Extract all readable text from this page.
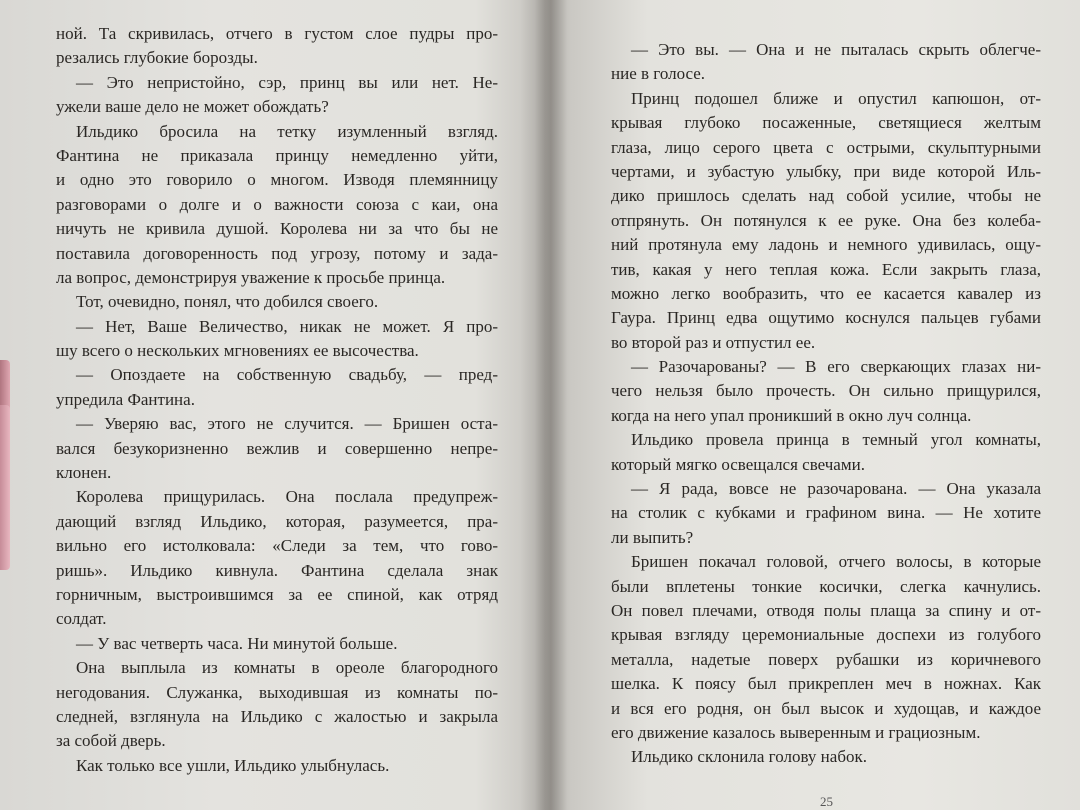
ной. Та скривилась, отчего в густом слое пудры про-
резались глубокие борозды.
— Это непристойно, сэр, принц вы или нет. Не-
ужели ваше дело не может обождать?
Ильдико бросила на тетку изумленный взгляд.
Фантина не приказала принцу немедленно уйти,
и одно это говорило о многом. Изводя племянницу
разговорами о долге и о важности союза с каи, она
ничуть не кривила душой. Королева ни за что бы не
поставила договоренность под угрозу, потому и зада-
ла вопрос, демонстрируя уважение к просьбе принца.
Тот, очевидно, понял, что добился своего.
— Нет, Ваше Величество, никак не может. Я про-
шу всего о нескольких мгновениях ее высочества.
— Опоздаете на собственную свадьбу, — пред-
упредила Фантина.
— Уверяю вас, этого не случится. — Бришен оста-
вался безукоризненно вежлив и совершенно непре-
клонен.
Королева прищурилась. Она послала предупреж-
дающий взгляд Ильдико, которая, разумеется, пра-
вильно его истолковала: «Следи за тем, что гово-
ришь». Ильдико кивнула. Фантина сделала знак
горничным, выстроившимся за ее спиной, как отряд
солдат.
— У вас четверть часа. Ни минутой больше.
Она выплыла из комнаты в ореоле благородного
негодования. Служанка, выходившая из комнаты по-
следней, взглянула на Ильдико с жалостью и закрыла
за собой дверь.
Как только все ушли, Ильдико улыбнулась.
— Это вы. — Она и не пыталась скрыть облегче-
ние в голосе.
Принц подошел ближе и опустил капюшон, от-
крывая глубоко посаженные, светящиеся желтым
глаза, лицо серого цвета с острыми, скульптурными
чертами, и зубастую улыбку, при виде которой Иль-
дико пришлось сделать над собой усилие, чтобы не
отпрянуть. Он потянулся к ее руке. Она без колеба-
ний протянула ему ладонь и немного удивилась, ощу-
тив, какая у него теплая кожа. Если закрыть глаза,
можно легко вообразить, что ее касается кавалер из
Гаура. Принц едва ощутимо коснулся пальцев губами
во второй раз и отпустил ее.
— Разочарованы? — В его сверкающих глазах ни-
чего нельзя было прочесть. Он сильно прищурился,
когда на него упал проникший в окно луч солнца.
Ильдико провела принца в темный угол комнаты,
который мягко освещался свечами.
— Я рада, вовсе не разочарована. — Она указала
на столик с кубками и графином вина. — Не хотите
ли выпить?
Бришен покачал головой, отчего волосы, в которые
были вплетены тонкие косички, слегка качнулись.
Он повел плечами, отводя полы плаща за спину и от-
крывая взгляду церемониальные доспехи из голубого
металла, надетые поверх рубашки из коричневого
шелка. К поясу был прикреплен меч в ножнах. Как
и вся его родня, он был высок и худощав, и каждое
его движение казалось выверенным и грациозным.
Ильдико склонила голову набок.
25
